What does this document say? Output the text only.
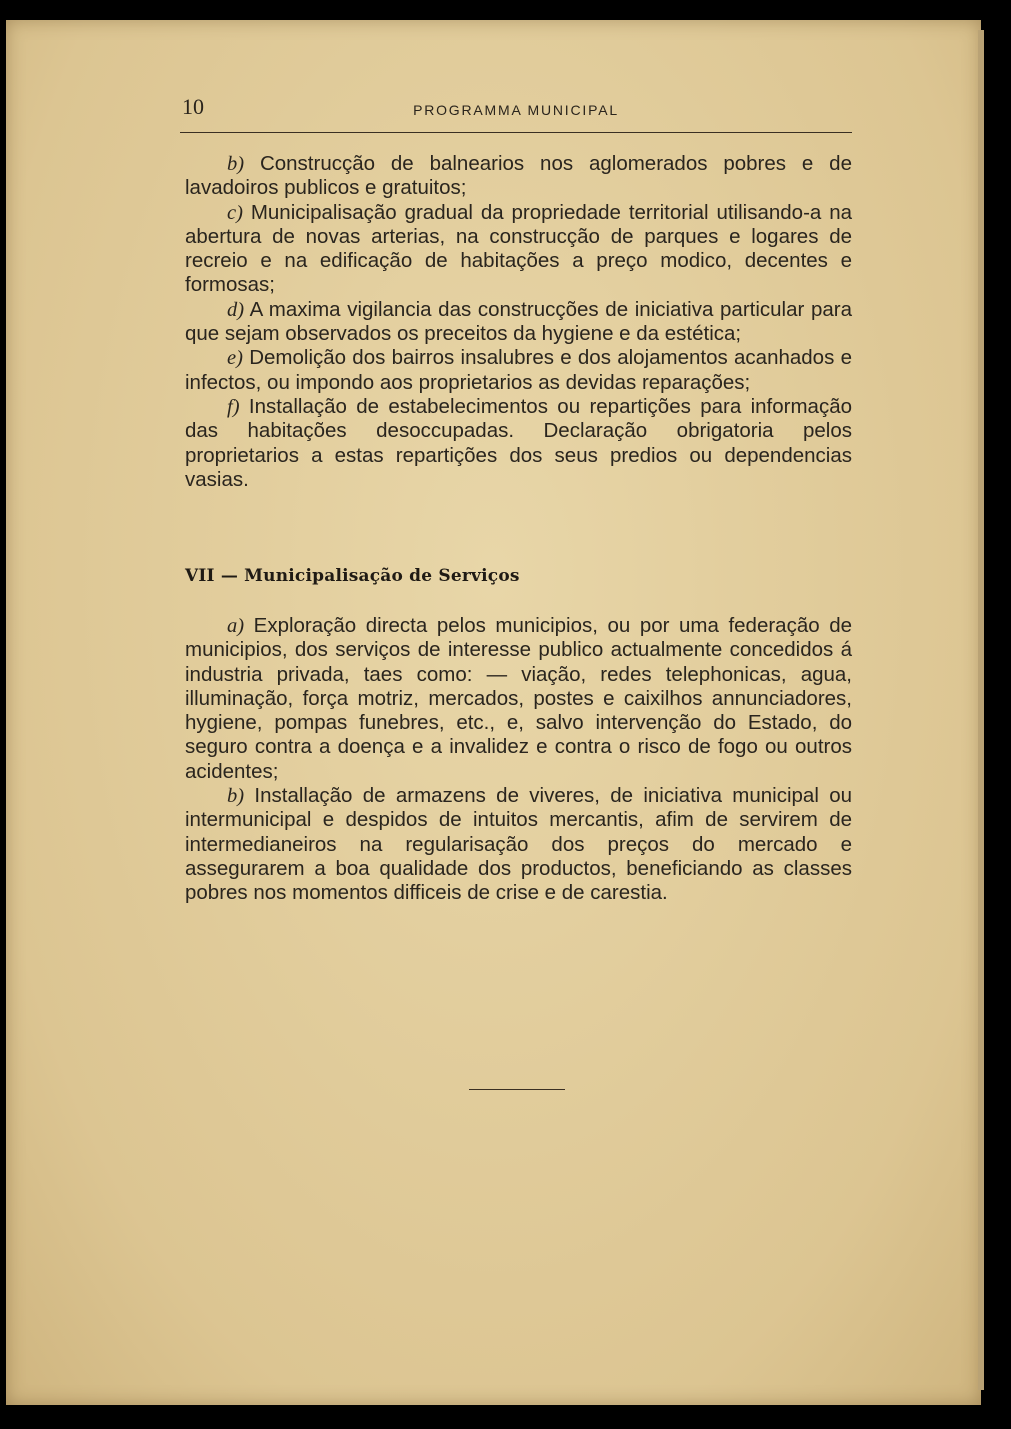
10	PROGRAMMA MUNICIPAL

b) Construcção de balnearios nos aglomerados pobres e de lavadoiros publicos e gratuitos;

c) Municipalisação gradual da propriedade territorial utilisando-a na abertura de novas arterias, na construcção de parques e logares de recreio e na edificação de habitações a preço modico, decentes e formosas;

d) A maxima vigilancia das construcções de iniciativa particular para que sejam observados os preceitos da hygiene e da estética;

e) Demolição dos bairros insalubres e dos alojamentos acanhados e infectos, ou impondo aos proprietarios as devidas reparações;

f) Installação de estabelecimentos ou repartições para informação das habitações desoccupadas. Declaração obrigatoria pelos proprietarios a estas repartições dos seus predios ou dependencias vasias.

VII — Municipalisação de Serviços

a) Exploração directa pelos municipios, ou por uma federação de municipios, dos serviços de interesse publico actualmente concedidos á industria privada, taes como: — viação, redes telephonicas, agua, illuminação, força motriz, mercados, postes e caixilhos annunciadores, hygiene, pompas funebres, etc., e, salvo intervenção do Estado, do seguro contra a doença e a invalidez e contra o risco de fogo ou outros acidentes;

b) Installação de armazens de viveres, de iniciativa municipal ou intermunicipal e despidos de intuitos mercantis, afim de servirem de intermedianeiros na regularisação dos preços do mercado e assegurarem a boa qualidade dos productos, beneficiando as classes pobres nos momentos difficeis de crise e de carestia.
